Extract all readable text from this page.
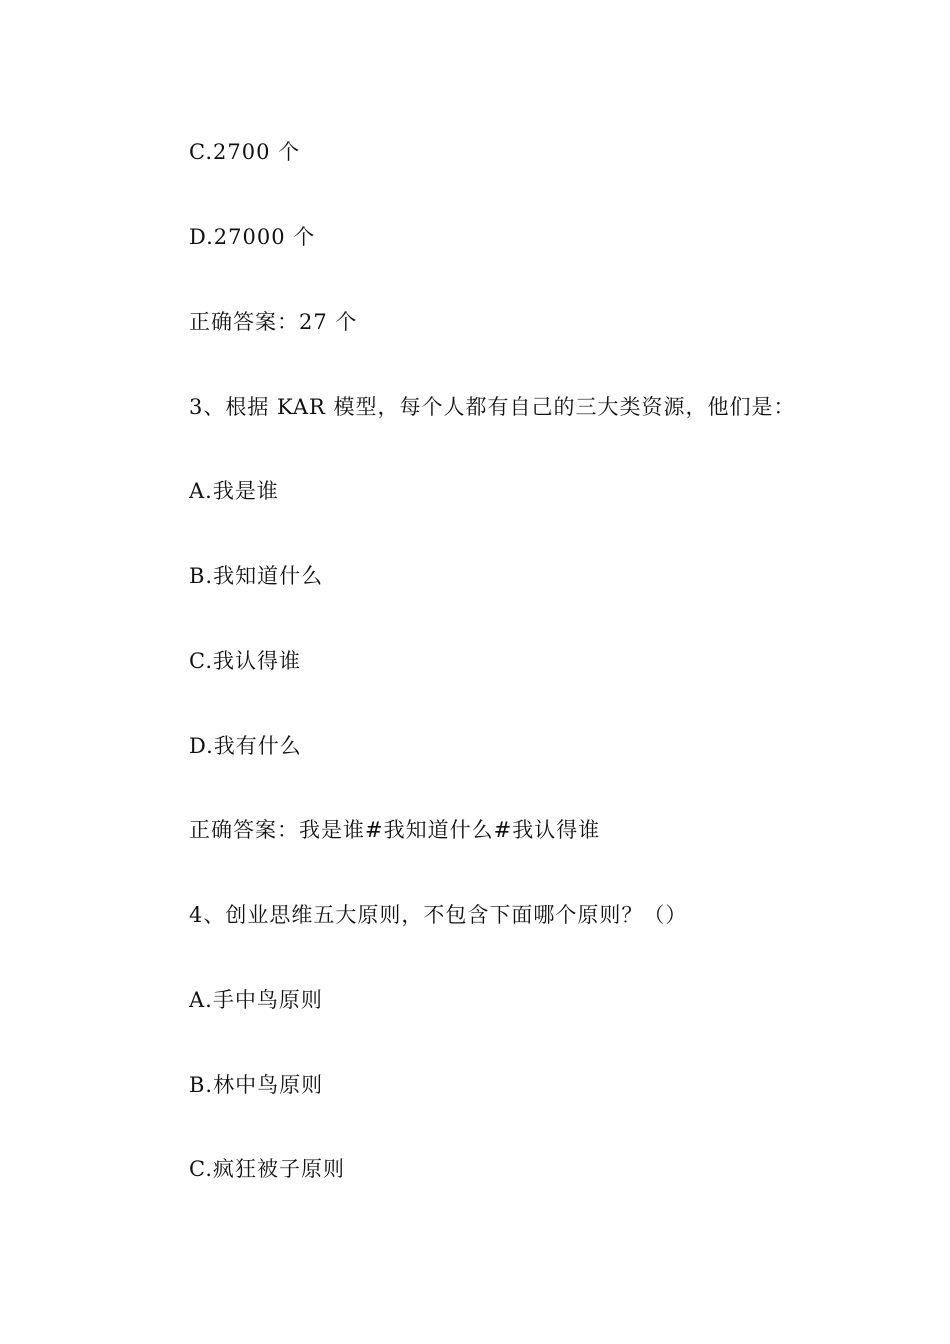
C.2700 个

D.27000 个

正确答案：27 个

3、根据 KAR 模型，每个人都有自己的三大类资源，他们是：

A.我是谁

B.我知道什么

C.我认得谁

D.我有什么

正确答案：我是谁#我知道什么#我认得谁

4、创业思维五大原则，不包含下面哪个原则？（）

A.手中鸟原则

B.林中鸟原则

C.疯狂被子原则
